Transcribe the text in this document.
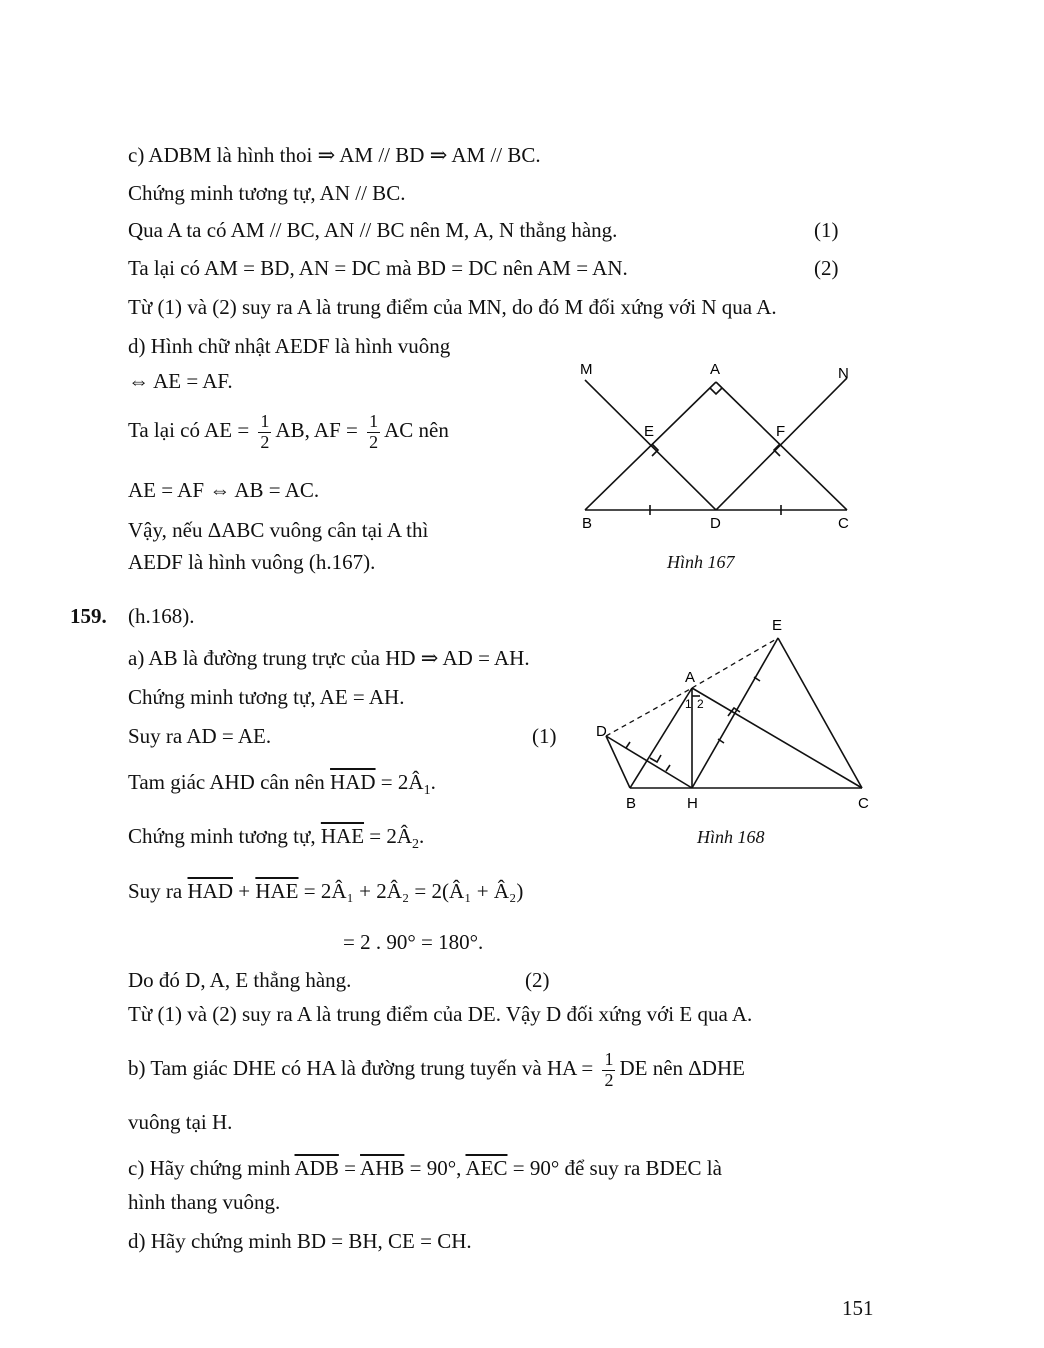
c) ADBM là hình thoi ⇒ AM // BD ⇒ AM // BC.
Chứng minh tương tự, AN // BC.
Qua A ta có AM // BC, AN // BC nên M, A, N thẳng hàng.	(1)
Ta lại có AM = BD, AN = DC mà BD = DC nên AM = AN.	(2)
Từ (1) và (2) suy ra A là trung điểm của MN, do đó M đối xứng với N qua A.
d) Hình chữ nhật AEDF là hình vuông
⇔ AE = AF.
Ta lại có AE = $\frac{1}{2}$ AB, AF = $\frac{1}{2}$ AC nên
AE = AF ⇔ AB = AC.
Vậy, nếu ΔABC vuông cân tại A thì
AEDF là hình vuông (h.167).
M	A	N
E	F
B	D	C
Hình 167
159. (h.168).
a) AB là đường trung trực của HD ⇒ AD = AH.
Chứng minh tương tự, AE = AH.
Suy ra AD = AE.	(1)
Tam giác AHD cân nên $\overline{HAD}$ = $2Â_1$.
Chứng minh tương tự, $\overline{HAE}$ = $2Â_2$.
Suy ra $\overline{HAD} + \overline{HAE}$ = 2Â₁ + 2Â₂ = 2(Â₁ + Â₂)
= 2 . 90° = 180°.
Do đó D, A, E thẳng hàng.	(2)
Từ (1) và (2) suy ra A là trung điểm của DE. Vậy D đối xứng với E qua A.
b) Tam giác DHE có HA là đường trung tuyến và HA = $\frac{1}{2}$ DE nên ΔDHE
vuông tại H.
c) Hãy chứng minh $\overline{ADB} = \overline{AHB} = 90^\circ$, $\overline{AEC} = 90^\circ$ để suy ra BDEC là
hình thang vuông.
d) Hãy chứng minh BD = BH, CE = CH.
E
A
D
B	H	C
1 2
Hình 168
151
